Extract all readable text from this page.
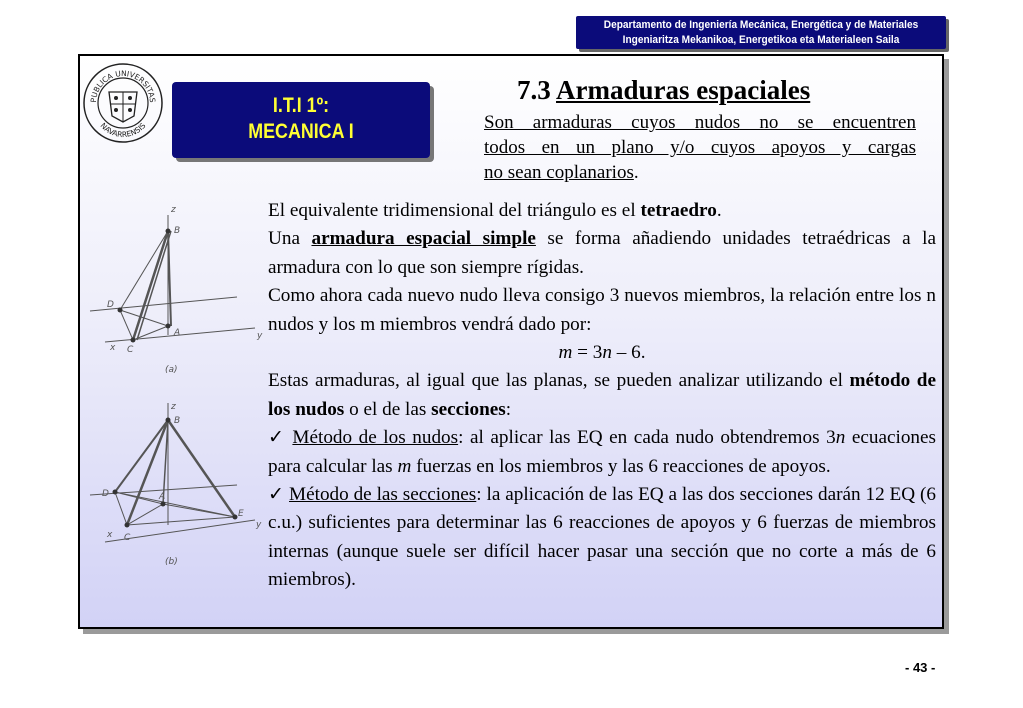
Departamento de Ingeniería Mecánica, Energética y de Materiales
Ingeniaritza Mekanikoa, Energetikoa eta Materialeen Saila
PUBLICA UNIVERSITAS
NAVARRENSIS
I.T.I 1º:
MECANICA I
7.3 Armaduras espaciales
Son armaduras cuyos nudos no se encuentren
todos en un plano y/o cuyos apoyos y cargas
no sean coplanarios.
z
B
D
A
C
x
y
(a)
z
B
D	A
C
E
x
y
(b)

El equivalente tridimensional del triángulo es el tetraedro.

Una armadura espacial simple se forma añadiendo unidades tetraédricas a la armadura con lo que son siempre rígidas.

Como ahora cada nuevo nudo lleva consigo 3 nuevos miembros, la relación entre los n nudos y los m miembros vendrá dado por:

m = 3n – 6.

Estas armaduras, al igual que las planas, se pueden analizar utilizando el método de los nudos o el de las secciones:

✓ Método de los nudos: al aplicar las EQ en cada nudo obtendremos 3n ecuaciones para calcular las m fuerzas en los miembros y las 6 reacciones de apoyos.

✓ Método de las secciones: la aplicación de las EQ a las dos secciones darán 12 EQ (6 c.u.) suficientes para determinar las 6 reacciones de apoyos y 6 fuerzas de miembros internas (aunque suele ser difícil hacer pasar una sección que no corte a más de 6 miembros).

- 43 -
